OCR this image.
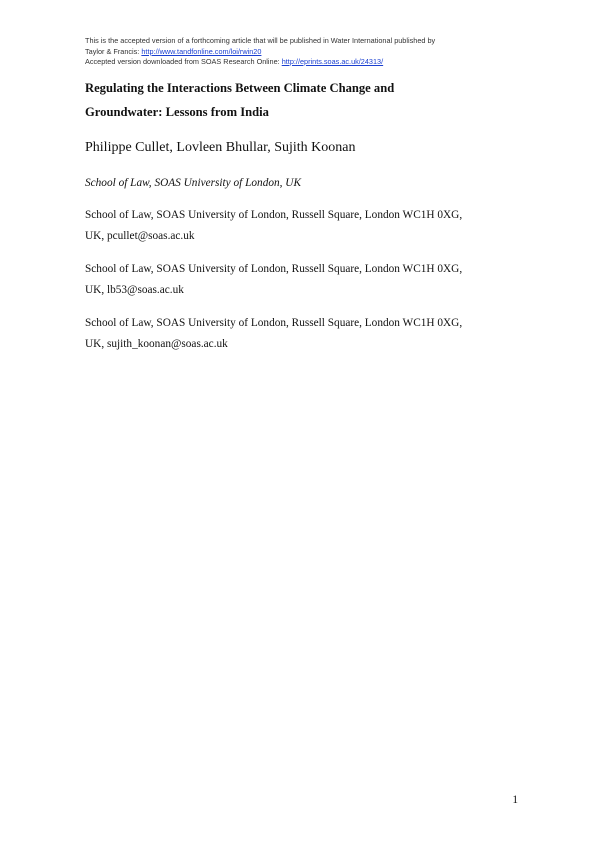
This is the accepted version of a forthcoming article that will be published in Water International published by
Taylor & Francis: http://www.tandfonline.com/loi/rwin20
Accepted version downloaded from SOAS Research Online: http://eprints.soas.ac.uk/24313/
Regulating the Interactions Between Climate Change and
Groundwater: Lessons from India
Philippe Cullet, Lovleen Bhullar, Sujith Koonan
School of Law, SOAS University of London, UK
School of Law, SOAS University of London, Russell Square, London WC1H 0XG,
UK, pcullet@soas.ac.uk
School of Law, SOAS University of London, Russell Square, London WC1H 0XG,
UK, lb53@soas.ac.uk
School of Law, SOAS University of London, Russell Square, London WC1H 0XG,
UK, sujith_koonan@soas.ac.uk
1
